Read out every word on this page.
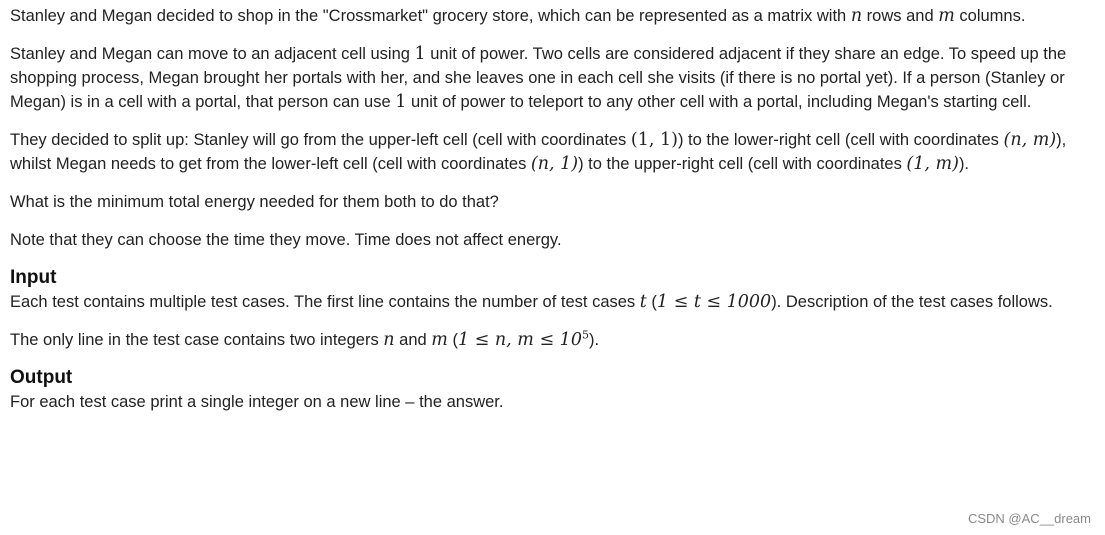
Stanley and Megan decided to shop in the "Crossmarket" grocery store, which can be represented as a matrix with n rows and m columns.

Stanley and Megan can move to an adjacent cell using 1 unit of power. Two cells are considered adjacent if they share an edge. To speed up the shopping process, Megan brought her portals with her, and she leaves one in each cell she visits (if there is no portal yet). If a person (Stanley or Megan) is in a cell with a portal, that person can use 1 unit of power to teleport to any other cell with a portal, including Megan's starting cell.

They decided to split up: Stanley will go from the upper-left cell (cell with coordinates (1, 1)) to the lower-right cell (cell with coordinates (n, m)), whilst Megan needs to get from the lower-left cell (cell with coordinates (n, 1)) to the upper-right cell (cell with coordinates (1, m)).

What is the minimum total energy needed for them both to do that?

Note that they can choose the time they move. Time does not affect energy.

Input

Each test contains multiple test cases. The first line contains the number of test cases t (1 ≤ t ≤ 1000). Description of the test cases follows.

The only line in the test case contains two integers n and m (1 ≤ n, $m \le 10^5$).

Output

For each test case print a single integer on a new line – the answer.

CSDN @AC__dream
